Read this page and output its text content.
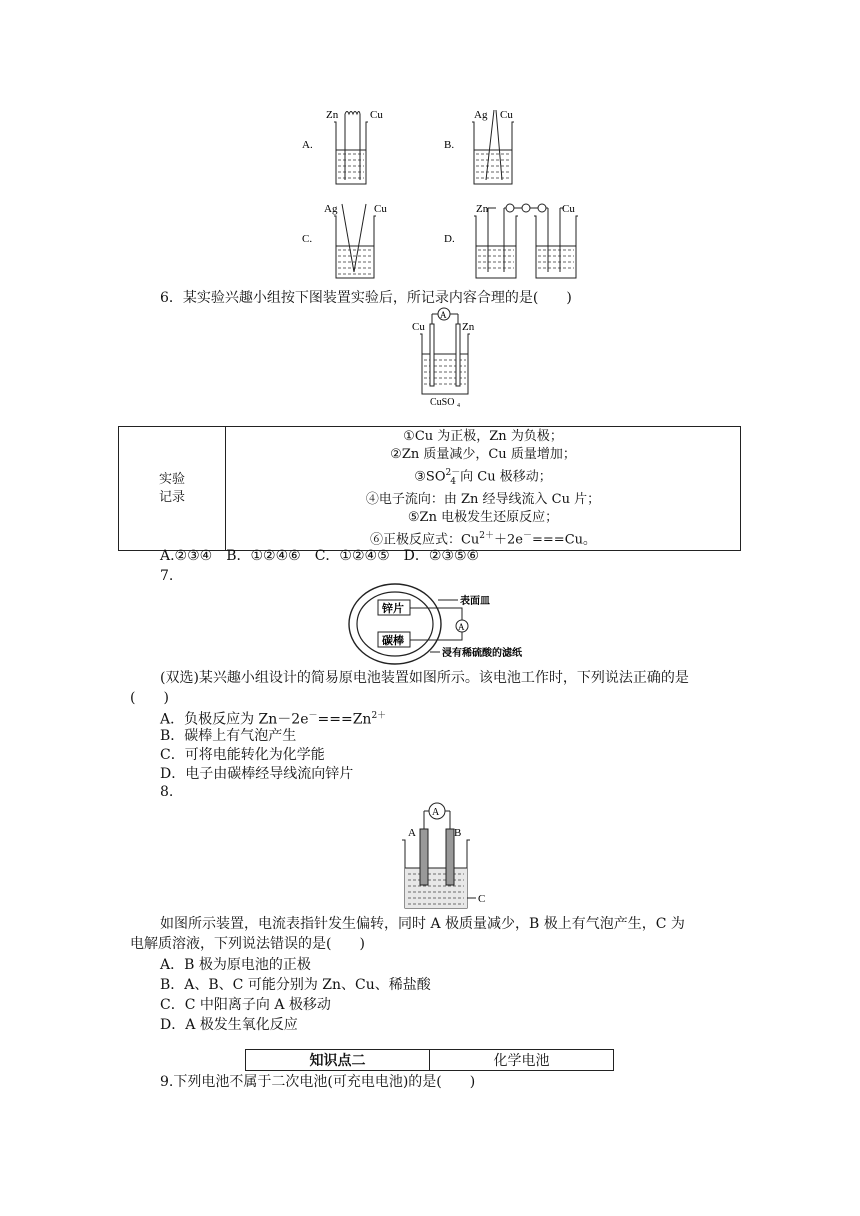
A.
Zn	Cu
B.
Ag Cu
C.
Ag	Cu
D.
Zn	Cu
6．某实验兴趣小组按下图装置实验后，所记录内容合理的是(　　)
Cu	Zn
A
CuSO 4
实验
记录

①Cu 为正极，Zn 为负极；
②Zn 质量减少，Cu 质量增加；
$③SO^{2-}_4$ 向 Cu 极移动；
④电子流向：由 Zn 经导线流入 Cu 片；
⑤Zn 电极发生还原反应；
⑥正极反应式：$Cu^{2+}+2e^-===Cu$。
A.②③④　B．①②④⑥　C．①②④⑤　D．②③⑤⑥
7.
锌片
碳棒
A
表面皿
浸有稀硫酸的滤纸
(双选)某兴趣小组设计的简易原电池装置如图所示。该电池工作时，下列说法正确的是
(　　)
A．负极反应为 $Zn-2e^-===Zn^{2+}$
B．碳棒上有气泡产生
C．可将电能转化为化学能
D．电子由碳棒经导线流向锌片
8.
A
A	B
C
如图所示装置，电流表指针发生偏转，同时 A 极质量减少，B 极上有气泡产生，C 为
电解质溶液，下列说法错误的是(　　)
A．B 极为原电池的正极
B．A、B、C 可能分别为 Zn、Cu、稀盐酸
C．C 中阳离子向 A 极移动
D．A 极发生氧化反应
知识点二	化学电池
9.下列电池不属于二次电池(可充电电池)的是(　　)
